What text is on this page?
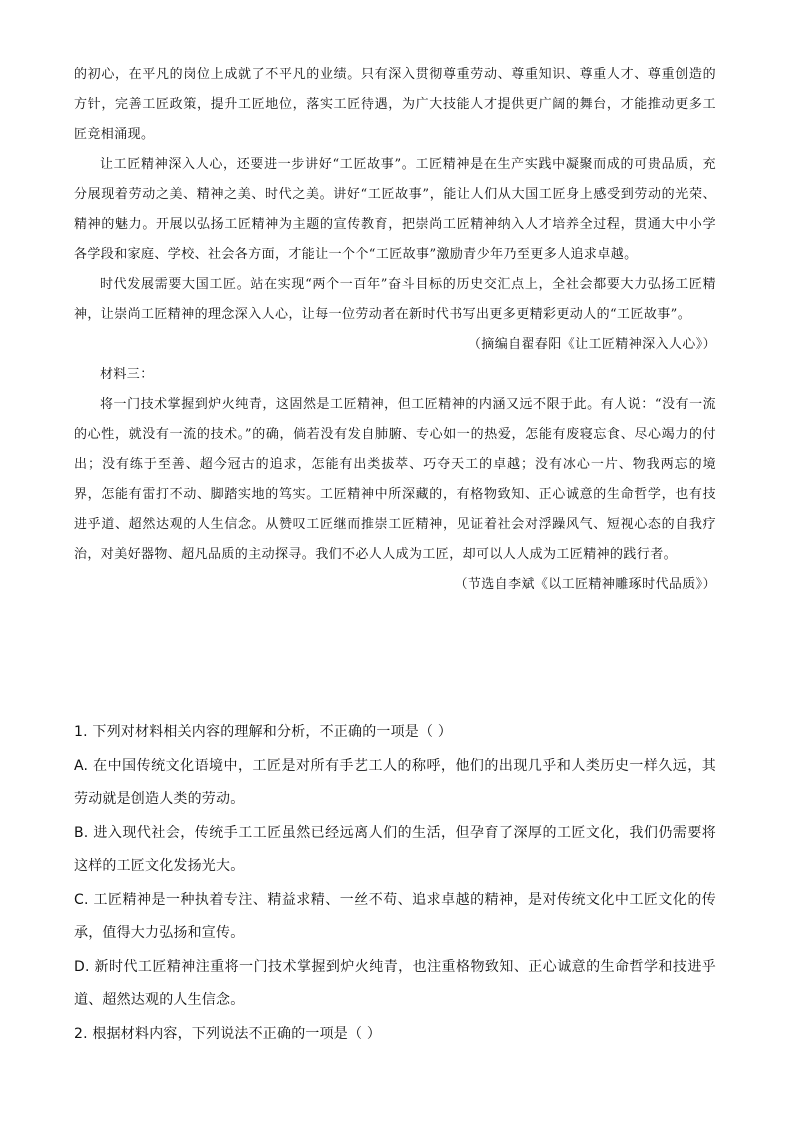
的初心，在平凡的岗位上成就了不平凡的业绩。只有深入贯彻尊重劳动、尊重知识、尊重人才、尊重创造的方针，完善工匠政策，提升工匠地位，落实工匠待遇，为广大技能人才提供更广阔的舞台，才能推动更多工匠竞相涌现。

让工匠精神深入人心，还要进一步讲好“工匠故事”。工匠精神是在生产实践中凝聚而成的可贵品质，充分展现着劳动之美、精神之美、时代之美。讲好“工匠故事”，能让人们从大国工匠身上感受到劳动的光荣、精神的魅力。开展以弘扬工匠精神为主题的宣传教育，把崇尚工匠精神纳入人才培养全过程，贯通大中小学各学段和家庭、学校、社会各方面，才能让一个个“工匠故事”激励青少年乃至更多人追求卓越。

时代发展需要大国工匠。站在实现“两个一百年”奋斗目标的历史交汇点上，全社会都要大力弘扬工匠精神，让崇尚工匠精神的理念深入人心，让每一位劳动者在新时代书写出更多更精彩更动人的“工匠故事”。

（摘编自翟春阳《让工匠精神深入人心》）

材料三：

将一门技术掌握到炉火纯青，这固然是工匠精神，但工匠精神的内涵又远不限于此。有人说：“没有一流的心性，就没有一流的技术。”的确，倘若没有发自肺腑、专心如一的热爱，怎能有废寝忘食、尽心竭力的付出；没有练于至善、超今冠古的追求，怎能有出类拔萃、巧夺天工的卓越；没有冰心一片、物我两忘的境界，怎能有雷打不动、脚踏实地的笃实。工匠精神中所深藏的，有格物致知、正心诚意的生命哲学，也有技进乎道、超然达观的人生信念。从赞叹工匠继而推崇工匠精神，见证着社会对浮躁风气、短视心态的自我疗治，对美好器物、超凡品质的主动探寻。我们不必人人成为工匠，却可以人人成为工匠精神的践行者。

（节选自李斌《以工匠精神雕琢时代品质》）

1. 下列对材料相关内容的理解和分析，不正确的一项是（ ）

A. 在中国传统文化语境中，工匠是对所有手艺工人的称呼，他们的出现几乎和人类历史一样久远，其劳动就是创造人类的劳动。

B. 进入现代社会，传统手工工匠虽然已经远离人们的生活，但孕育了深厚的工匠文化，我们仍需要将这样的工匠文化发扬光大。

C. 工匠精神是一种执着专注、精益求精、一丝不苟、追求卓越的精神，是对传统文化中工匠文化的传承，值得大力弘扬和宣传。

D. 新时代工匠精神注重将一门技术掌握到炉火纯青，也注重格物致知、正心诚意的生命哲学和技进乎道、超然达观的人生信念。

2. 根据材料内容，下列说法不正确的一项是（ ）
